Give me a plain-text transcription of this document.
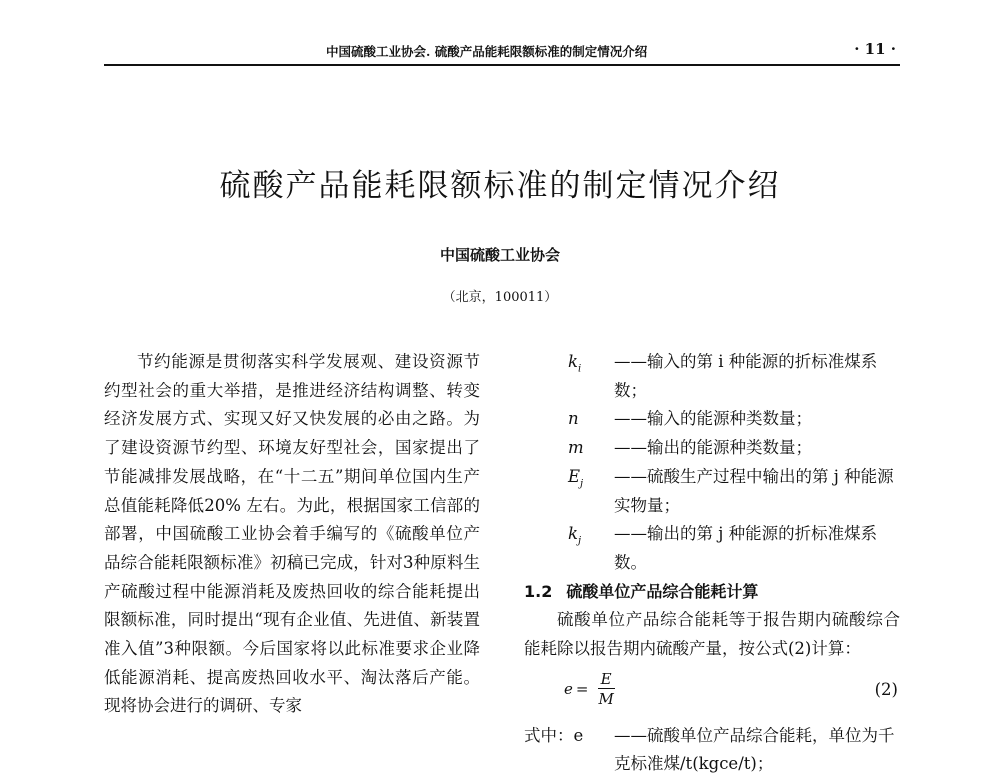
中国硫酸工业协会. 硫酸产品能耗限额标准的制定情况介绍	· 11 ·
硫酸产品能耗限额标准的制定情况介绍
中国硫酸工业协会
（北京，100011）

节约能源是贯彻落实科学发展观、建设资源节约型社会的重大举措，是推进经济结构调整、转变经济发展方式、实现又好又快发展的必由之路。为了建设资源节约型、环境友好型社会，国家提出了节能减排发展战略，在“十二五”期间单位国内生产总值能耗降低20% 左右。为此，根据国家工信部的部署，中国硫酸工业协会着手编写的《硫酸单位产品综合能耗限额标准》初稿已完成，针对3种原料生产硫酸过程中能源消耗及废热回收的综合能耗提出限额标准，同时提出“现有企业值、先进值、新装置准入值”3种限额。今后国家将以此标准要求企业降低能源消耗、提高废热回收水平、淘汰落后产能。现将协会进行的调研、专家

$k_i$ ——输入的第 i 种能源的折标准煤系数；

n ——输入的能源种类数量；

m ——输出的能源种类数量；

$E_j$ ——硫酸生产过程中输出的第 j 种能源实物量；

$k_j$ ——输出的第 j 种能源的折标准煤系数。

1.2 硫酸单位产品综合能耗计算

硫酸单位产品综合能耗等于报告期内硫酸综合能耗除以报告期内硫酸产量，按公式(2)计算：

$e = \frac{E}{M}$	(2)

式中：e ——硫酸单位产品综合能耗，单位为千克标准煤/t(kgce/t)；
